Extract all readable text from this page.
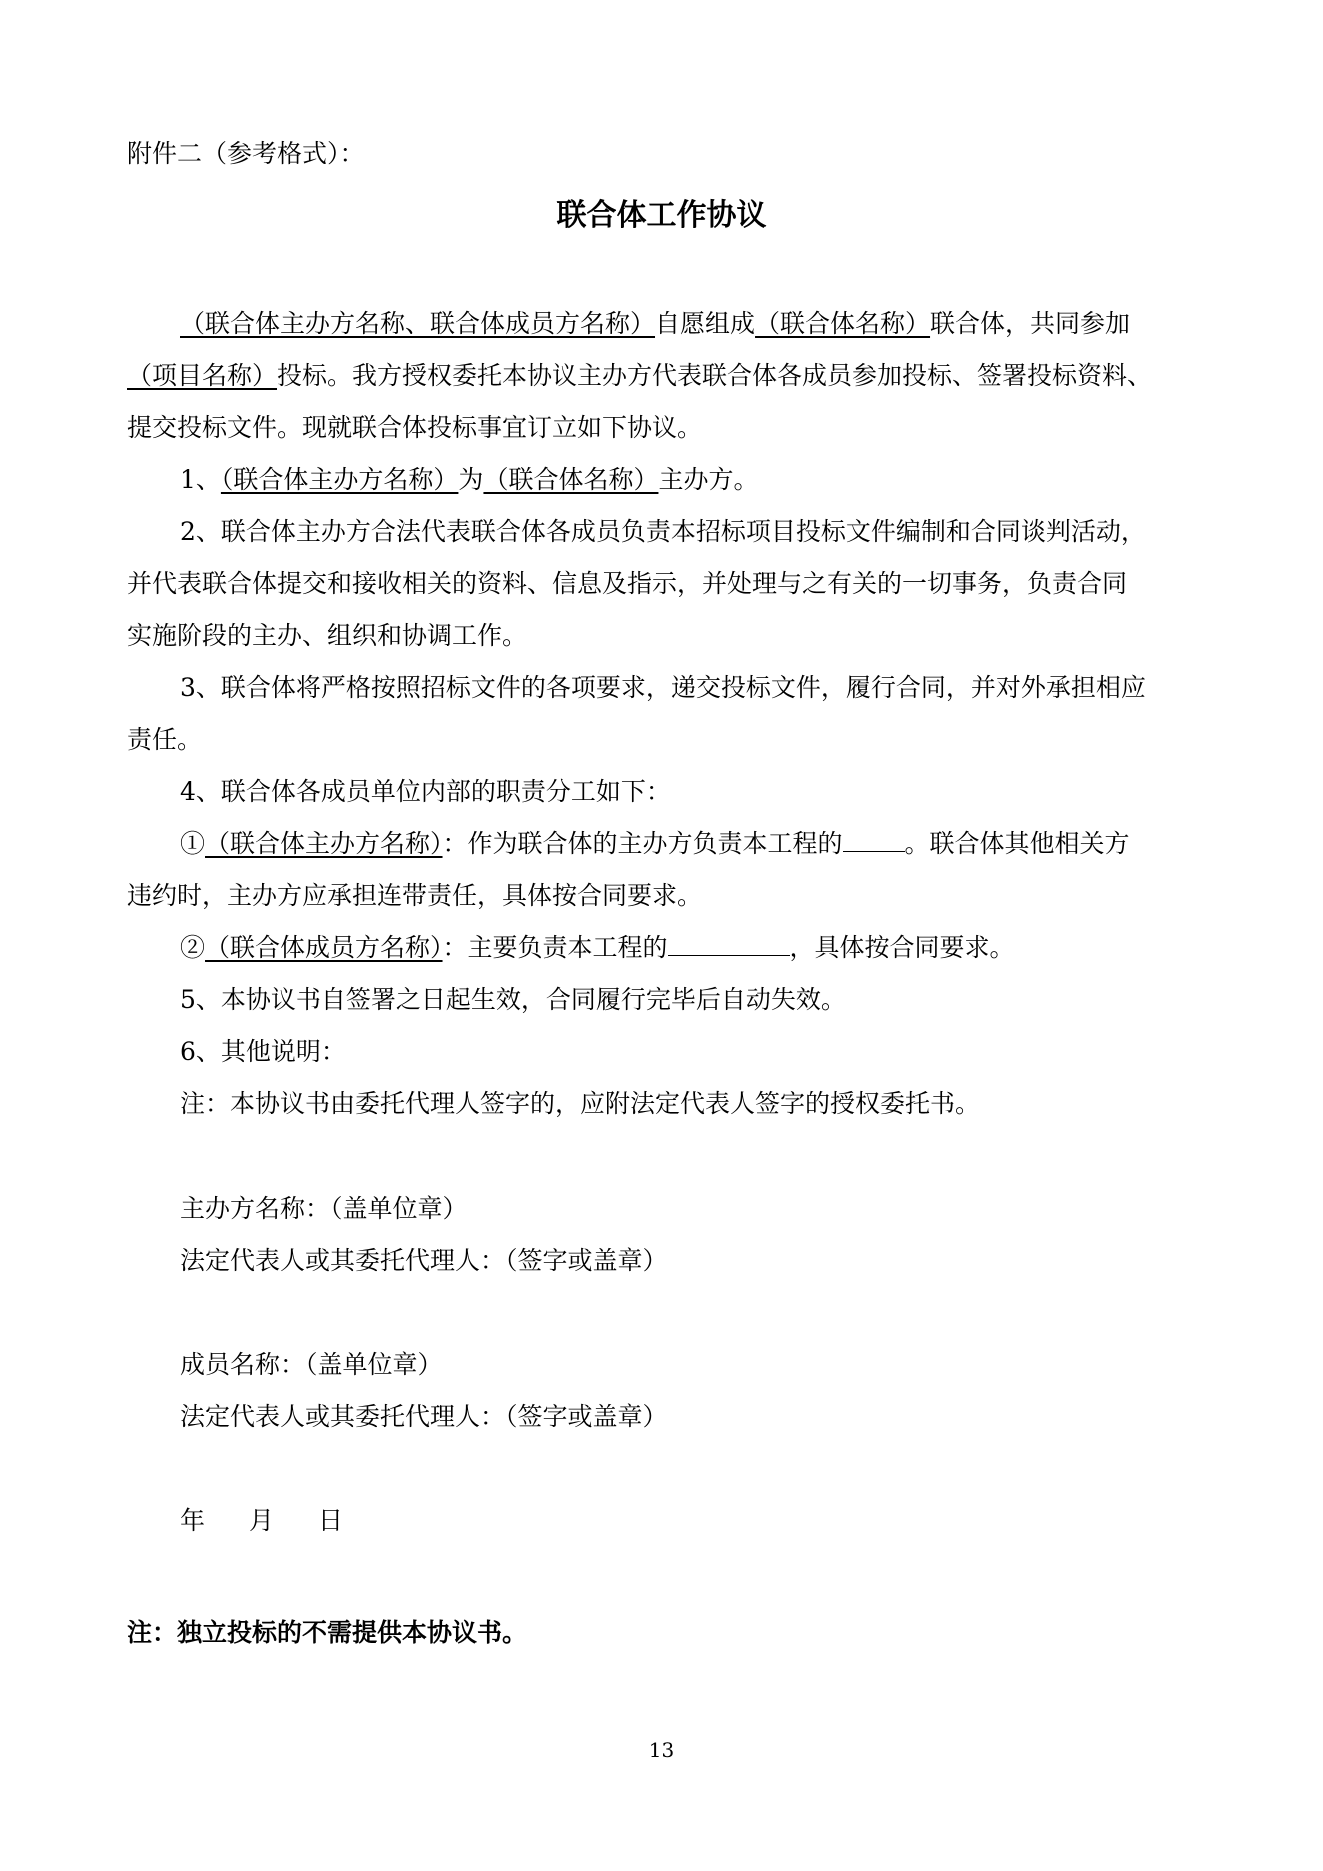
附件二（参考格式）：
联合体工作协议
（联合体主办方名称、联合体成员方名称）自愿组成（联合体名称）联合体，共同参加
（项目名称）投标。我方授权委托本协议主办方代表联合体各成员参加投标、签署投标资料、
提交投标文件。现就联合体投标事宜订立如下协议。
1、（联合体主办方名称）为（联合体名称）主办方。
2、联合体主办方合法代表联合体各成员负责本招标项目投标文件编制和合同谈判活动，
并代表联合体提交和接收相关的资料、信息及指示，并处理与之有关的一切事务，负责合同
实施阶段的主办、组织和协调工作。
3、联合体将严格按照招标文件的各项要求，递交投标文件，履行合同，并对外承担相应
责任。
4、联合体各成员单位内部的职责分工如下：
①（联合体主办方名称）：作为联合体的主办方负责本工程的 。联合体其他相关方
违约时，主办方应承担连带责任，具体按合同要求。
②（联合体成员方名称）：主要负责本工程的	，具体按合同要求。
5、本协议书自签署之日起生效，合同履行完毕后自动失效。
6、其他说明：
注：本协议书由委托代理人签字的，应附法定代表人签字的授权委托书。
主办方名称：（盖单位章）
法定代表人或其委托代理人：（签字或盖章）
成员名称：（盖单位章）
法定代表人或其委托代理人：（签字或盖章）
年 月 日
注：独立投标的不需提供本协议书。
13
